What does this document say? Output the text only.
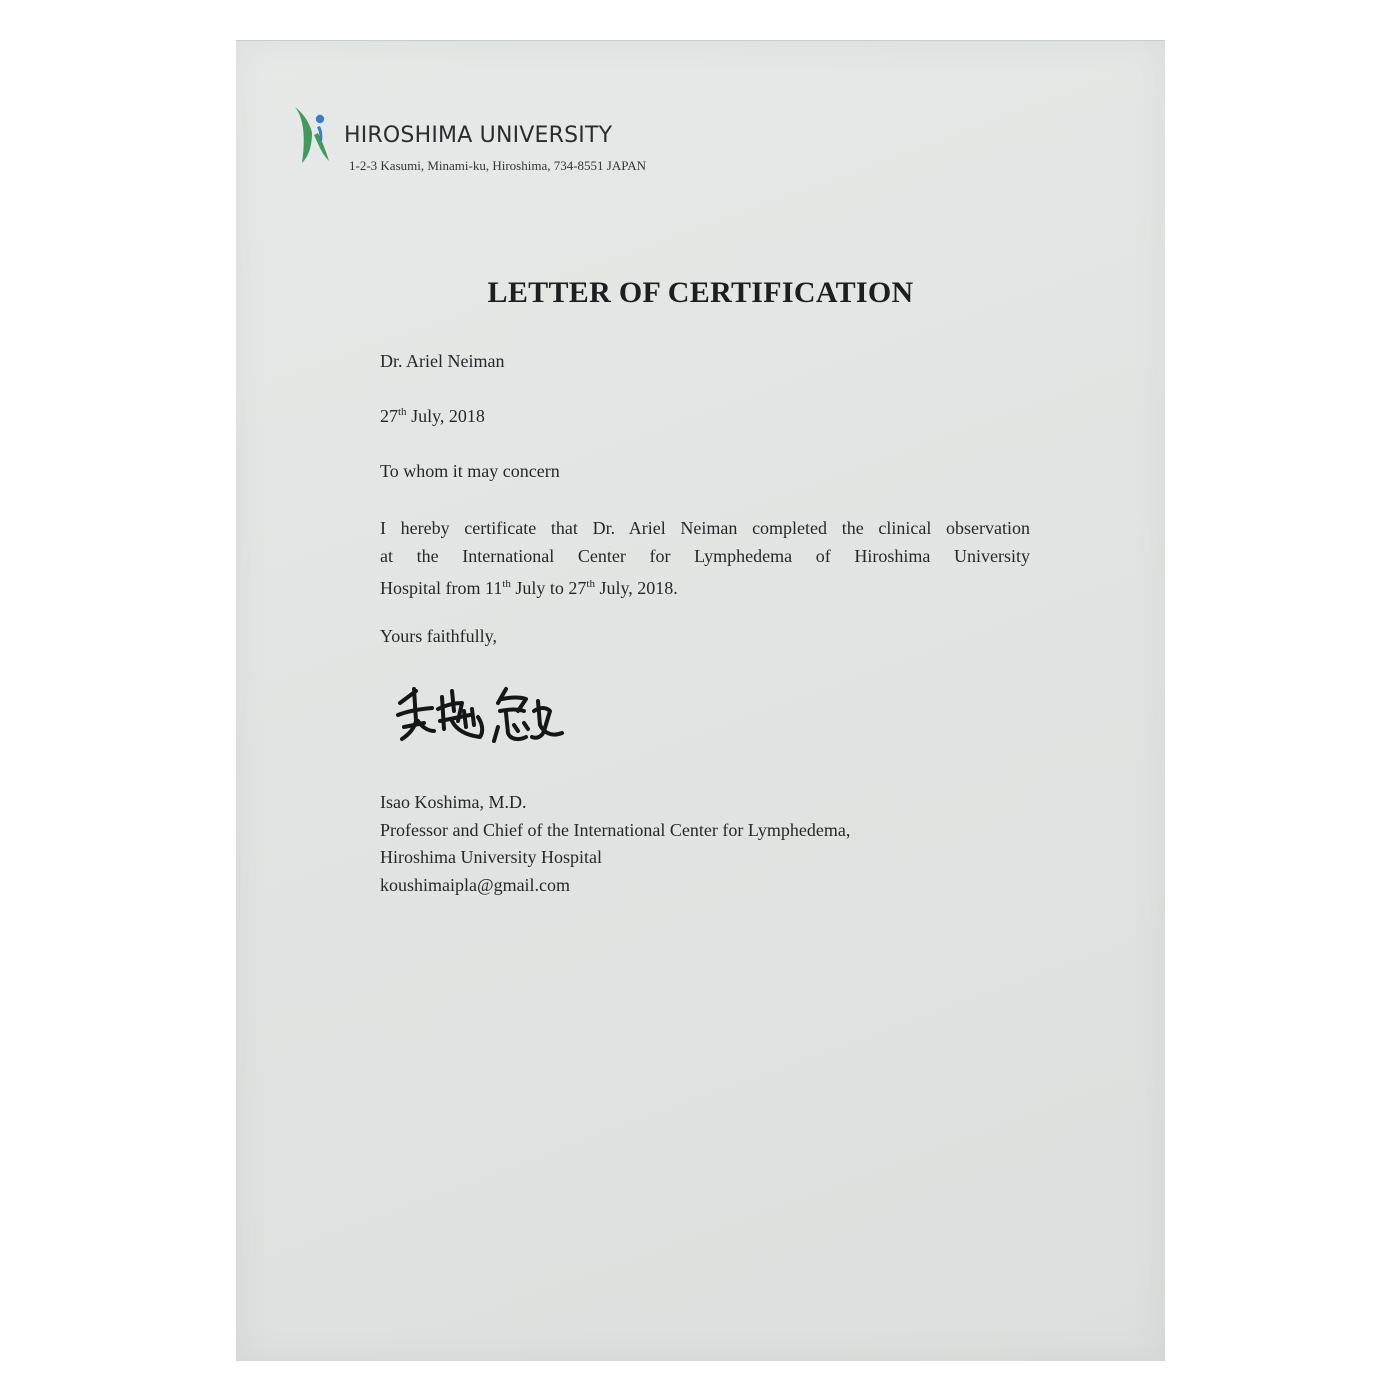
HIROSHIMA UNIVERSITY
1-2-3 Kasumi, Minami-ku, Hiroshima, 734-8551 JAPAN
LETTER OF CERTIFICATION
Dr. Ariel Neiman
27th July, 2018
To whom it may concern
I hereby certificate that Dr. Ariel Neiman completed the clinical observation
at the International Center for Lymphedema of Hiroshima University
Hospital from 11th July to 27th July, 2018.
Yours faithfully,
Isao Koshima, M.D.
Professor and Chief of the International Center for Lymphedema,
Hiroshima University Hospital
koushimaipla@gmail.com
